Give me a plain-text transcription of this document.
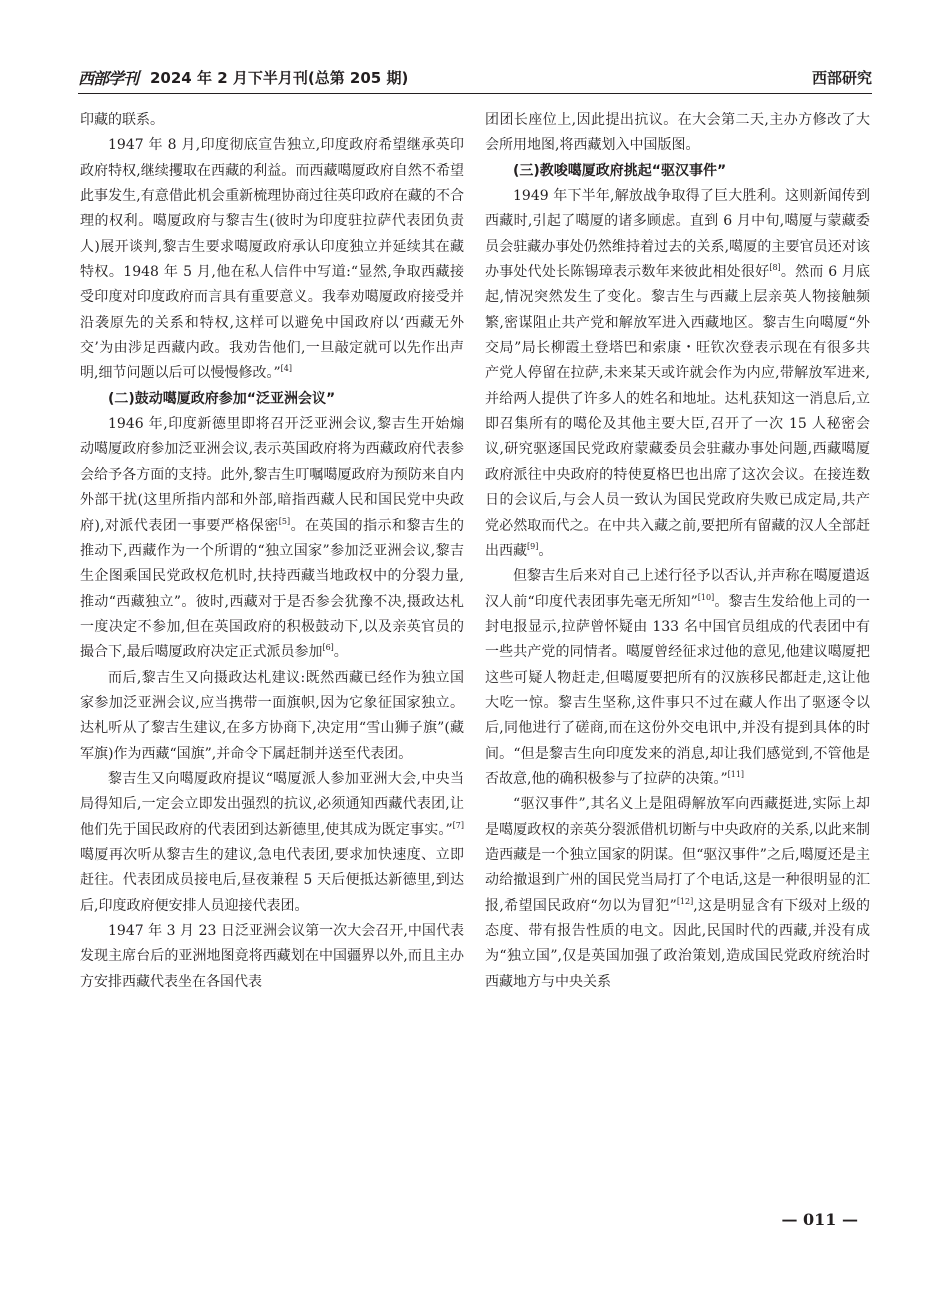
西部学刊 2024 年 2 月下半月刊(总第 205 期)	西部研究

印藏的联系。

1947 年 8 月,印度彻底宣告独立,印度政府希望继承英印政府特权,继续攫取在西藏的利益。而西藏噶厦政府自然不希望此事发生,有意借此机会重新梳理协商过往英印政府在藏的不合理的权利。噶厦政府与黎吉生(彼时为印度驻拉萨代表团负责人)展开谈判,黎吉生要求噶厦政府承认印度独立并延续其在藏特权。1948 年 5 月,他在私人信件中写道:“显然,争取西藏接受印度对印度政府而言具有重要意义。我奉劝噶厦政府接受并沿袭原先的关系和特权,这样可以避免中国政府以‘西藏无外交’为由涉足西藏内政。我劝告他们,一旦敲定就可以先作出声明,细节问题以后可以慢慢修改。”[4]

(二)鼓动噶厦政府参加“泛亚洲会议”

1946 年,印度新德里即将召开泛亚洲会议,黎吉生开始煽动噶厦政府参加泛亚洲会议,表示英国政府将为西藏政府代表参会给予各方面的支持。此外,黎吉生叮嘱噶厦政府为预防来自内外部干扰(这里所指内部和外部,暗指西藏人民和国民党中央政府),对派代表团一事要严格保密[5]。在英国的指示和黎吉生的推动下,西藏作为一个所谓的“独立国家”参加泛亚洲会议,黎吉生企图乘国民党政权危机时,扶持西藏当地政权中的分裂力量,推动“西藏独立”。彼时,西藏对于是否参会犹豫不决,摄政达札一度决定不参加,但在英国政府的积极鼓动下,以及亲英官员的撮合下,最后噶厦政府决定正式派员参加[6]。

而后,黎吉生又向摄政达札建议:既然西藏已经作为独立国家参加泛亚洲会议,应当携带一面旗帜,因为它象征国家独立。达札听从了黎吉生建议,在多方协商下,决定用“雪山狮子旗”(藏军旗)作为西藏“国旗”,并命令下属赶制并送至代表团。

黎吉生又向噶厦政府提议“噶厦派人参加亚洲大会,中央当局得知后,一定会立即发出强烈的抗议,必须通知西藏代表团,让他们先于国民政府的代表团到达新德里,使其成为既定事实。”[7]噶厦再次听从黎吉生的建议,急电代表团,要求加快速度、立即赶往。代表团成员接电后,昼夜兼程 5 天后便抵达新德里,到达后,印度政府便安排人员迎接代表团。

1947 年 3 月 23 日泛亚洲会议第一次大会召开,中国代表发现主席台后的亚洲地图竟将西藏划在中国疆界以外,而且主办方安排西藏代表坐在各国代表

团团长座位上,因此提出抗议。在大会第二天,主办方修改了大会所用地图,将西藏划入中国版图。

(三)教唆噶厦政府挑起“驱汉事件”

1949 年下半年,解放战争取得了巨大胜利。这则新闻传到西藏时,引起了噶厦的诸多顾虑。直到 6 月中旬,噶厦与蒙藏委员会驻藏办事处仍然维持着过去的关系,噶厦的主要官员还对该办事处代处长陈锡璋表示数年来彼此相处很好[8]。然而 6 月底起,情况突然发生了变化。黎吉生与西藏上层亲英人物接触频繁,密谋阻止共产党和解放军进入西藏地区。黎吉生向噶厦“外交局”局长柳霞土登塔巴和索康・旺钦次登表示现在有很多共产党人停留在拉萨,未来某天或许就会作为内应,带解放军进来,并给两人提供了许多人的姓名和地址。达札获知这一消息后,立即召集所有的噶伦及其他主要大臣,召开了一次 15 人秘密会议,研究驱逐国民党政府蒙藏委员会驻藏办事处问题,西藏噶厦政府派往中央政府的特使夏格巴也出席了这次会议。在接连数日的会议后,与会人员一致认为国民党政府失败已成定局,共产党必然取而代之。在中共入藏之前,要把所有留藏的汉人全部赶出西藏[9]。

但黎吉生后来对自己上述行径予以否认,并声称在噶厦遣返汉人前“印度代表团事先毫无所知”[10]。黎吉生发给他上司的一封电报显示,拉萨曾怀疑由 133 名中国官员组成的代表团中有一些共产党的同情者。噶厦曾经征求过他的意见,他建议噶厦把这些可疑人物赶走,但噶厦要把所有的汉族移民都赶走,这让他大吃一惊。黎吉生坚称,这件事只不过在藏人作出了驱逐令以后,同他进行了磋商,而在这份外交电讯中,并没有提到具体的时间。“但是黎吉生向印度发来的消息,却让我们感觉到,不管他是否故意,他的确积极参与了拉萨的决策。”[11]

“驱汉事件”,其名义上是阻碍解放军向西藏挺进,实际上却是噶厦政权的亲英分裂派借机切断与中央政府的关系,以此来制造西藏是一个独立国家的阴谋。但“驱汉事件”之后,噶厦还是主动给撤退到广州的国民党当局打了个电话,这是一种很明显的汇报,希望国民政府“勿以为冒犯”[12],这是明显含有下级对上级的态度、带有报告性质的电文。因此,民国时代的西藏,并没有成为“独立国”,仅是英国加强了政治策划,造成国民党政府统治时西藏地方与中央关系

— 011 —
